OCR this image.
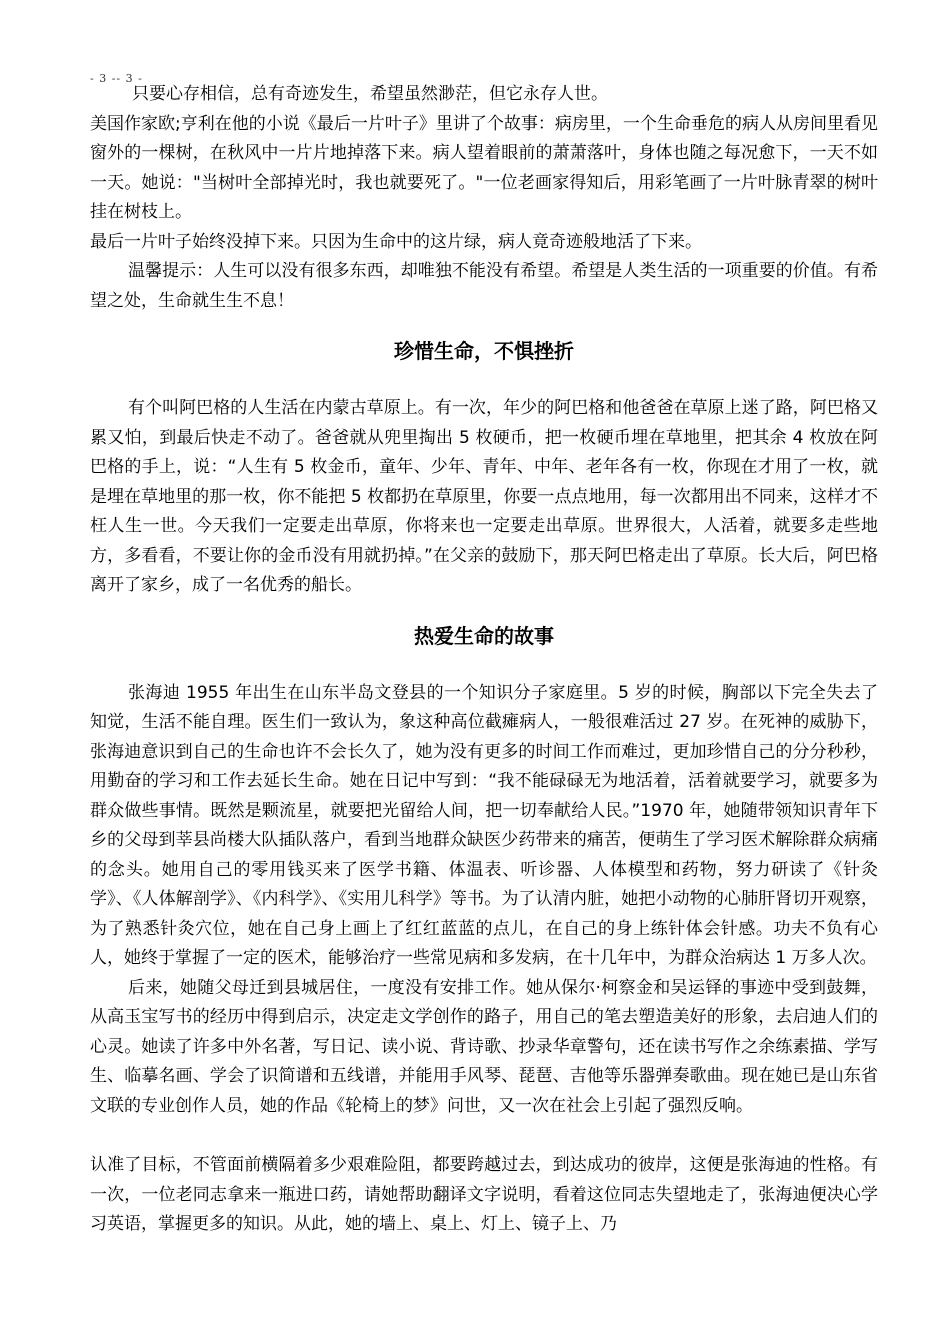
- 3 -- 3 -

只要心存相信，总有奇迹发生，希望虽然渺茫，但它永存人世。

美国作家欧;亨利在他的小说《最后一片叶子》里讲了个故事：病房里，一个生命垂危的病人从房间里看见窗外的一棵树，在秋风中一片片地掉落下来。病人望着眼前的萧萧落叶，身体也随之每况愈下，一天不如一天。她说："当树叶全部掉光时，我也就要死了。"一位老画家得知后，用彩笔画了一片叶脉青翠的树叶挂在树枝上。

最后一片叶子始终没掉下来。只因为生命中的这片绿，病人竟奇迹般地活了下来。

温馨提示：人生可以没有很多东西，却唯独不能没有希望。希望是人类生活的一项重要的价值。有希望之处，生命就生生不息！

珍惜生命，不惧挫折

有个叫阿巴格的人生活在内蒙古草原上。有一次，年少的阿巴格和他爸爸在草原上迷了路，阿巴格又累又怕，到最后快走不动了。爸爸就从兜里掏出 5 枚硬币，把一枚硬币埋在草地里，把其余 4 枚放在阿巴格的手上，说：“人生有 5 枚金币，童年、少年、青年、中年、老年各有一枚，你现在才用了一枚，就是埋在草地里的那一枚，你不能把 5 枚都扔在草原里，你要一点点地用，每一次都用出不同来，这样才不枉人生一世。今天我们一定要走出草原，你将来也一定要走出草原。世界很大，人活着，就要多走些地方，多看看，不要让你的金币没有用就扔掉。”在父亲的鼓励下，那天阿巴格走出了草原。长大后，阿巴格离开了家乡，成了一名优秀的船长。

热爱生命的故事

张海迪 1955 年出生在山东半岛文登县的一个知识分子家庭里。5 岁的时候，胸部以下完全失去了知觉，生活不能自理。医生们一致认为，象这种高位截瘫病人，一般很难活过 27 岁。在死神的威胁下，张海迪意识到自己的生命也许不会长久了，她为没有更多的时间工作而难过，更加珍惜自己的分分秒秒，用勤奋的学习和工作去延长生命。她在日记中写到：“我不能碌碌无为地活着，活着就要学习，就要多为群众做些事情。既然是颗流星，就要把光留给人间，把一切奉献给人民。”1970 年，她随带领知识青年下乡的父母到莘县尚楼大队插队落户，看到当地群众缺医少药带来的痛苦，便萌生了学习医术解除群众病痛的念头。她用自己的零用钱买来了医学书籍、体温表、听诊器、人体模型和药物，努力研读了《针灸学》、《人体解剖学》、《内科学》、《实用儿科学》等书。为了认清内脏，她把小动物的心肺肝肾切开观察，为了熟悉针灸穴位，她在自己身上画上了红红蓝蓝的点儿，在自己的身上练针体会针感。功夫不负有心人，她终于掌握了一定的医术，能够治疗一些常见病和多发病，在十几年中，为群众治病达 1 万多人次。

后来，她随父母迁到县城居住，一度没有安排工作。她从保尔·柯察金和吴运铎的事迹中受到鼓舞，从高玉宝写书的经历中得到启示，决定走文学创作的路子，用自己的笔去塑造美好的形象，去启迪人们的心灵。她读了许多中外名著，写日记、读小说、背诗歌、抄录华章警句，还在读书写作之余练素描、学写生、临摹名画、学会了识简谱和五线谱，并能用手风琴、琵琶、吉他等乐器弹奏歌曲。现在她已是山东省文联的专业创作人员，她的作品《轮椅上的梦》问世，又一次在社会上引起了强烈反响。

认准了目标，不管面前横隔着多少艰难险阻，都要跨越过去，到达成功的彼岸，这便是张海迪的性格。有一次，一位老同志拿来一瓶进口药，请她帮助翻译文字说明，看着这位同志失望地走了，张海迪便决心学习英语，掌握更多的知识。从此，她的墙上、桌上、灯上、镜子上、乃
